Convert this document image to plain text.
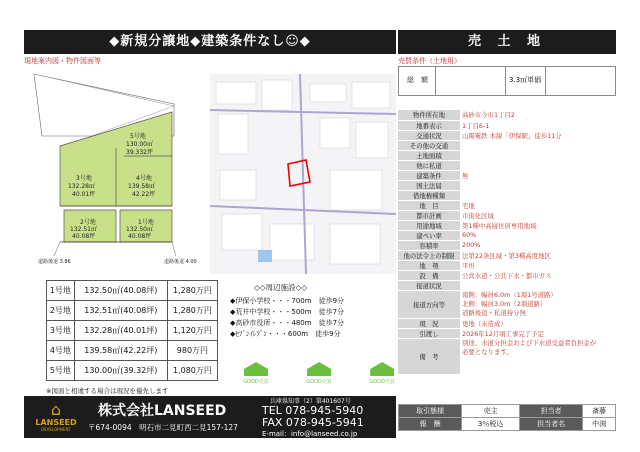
◆新規分譲地◆建築条件なし☺◆	売 土 地
現地案内図・物件図面等	売買条件（土地用）
総　額	3.3㎡単価
5号地
130.00㎡
39.332坪
3号地
132.28㎡
40.01坪
4号地
139.58㎡
42.22坪
2号地
132.51㎡
40.08坪
1号地
132.50㎡
40.08坪
道路後退 3.86	道路後退 4.00
物件所在地	高砂市今市1丁目2
地番表示	1丁目6-1
交通状況	山陽電鉄 本線「伊保駅」徒歩11分
その他の交通	
土地面積	
他に私道	
建築条件	無
国土法届	
借地権種類	
地　目	宅地
都市計画	市街化区域
用途地域	第1種中高層住居専用地域
建ぺい率	60%
容積率	200%
他の法令上の制限	法第22条区域・第3種高度地区
地　勢	平坦
設　備	公営水道・公共下水・都市ガス
接道状況	
接道方向等	南側：幅員6.0m（1項1号道路）
北側：幅員3.0m（2項道路）
道路後退・私道持分無
現　況	更地（未造成）
引渡し	2026年12月頃工事完了予定
備　考	別途、水道分担金および下水道受益者負担金が
必要となります。
1号地	132.50㎡(40.08坪)	1,280万円
2号地	132.51㎡(40.08坪)	1,280万円
3号地	132.28㎡(40.01坪)	1,120万円
4号地	139.58㎡(42.22坪)	980万円
5号地	130.00㎡(39.32坪)	1,080万円
◇◇周辺施設◇◇
◆伊保小学校・・・700m　徒歩9分
◆荒井中学校・・・500m　徒歩7分
◆高砂市役所・・・480m　徒歩7分
◆ｾﾌﾞﾝｲﾚﾌﾞﾝ・・・600m　徒歩9分
GOOD売買
	GOOD売買
	GOOD売買
※図面と相違する場合は現況を優先します
⌂
LANSEED
DEVELOPMENT
株式会社LANSEED
〒674-0094　明石市二見町西二見157-127
兵庫県知事（2）第401607号
TEL 078-945-5940
FAX 078-945-5941
E-mail：info@lanseed.co.jp
取引態様	売主	担当者	斎藤
報　酬	3％税込	担当者名	中渕
